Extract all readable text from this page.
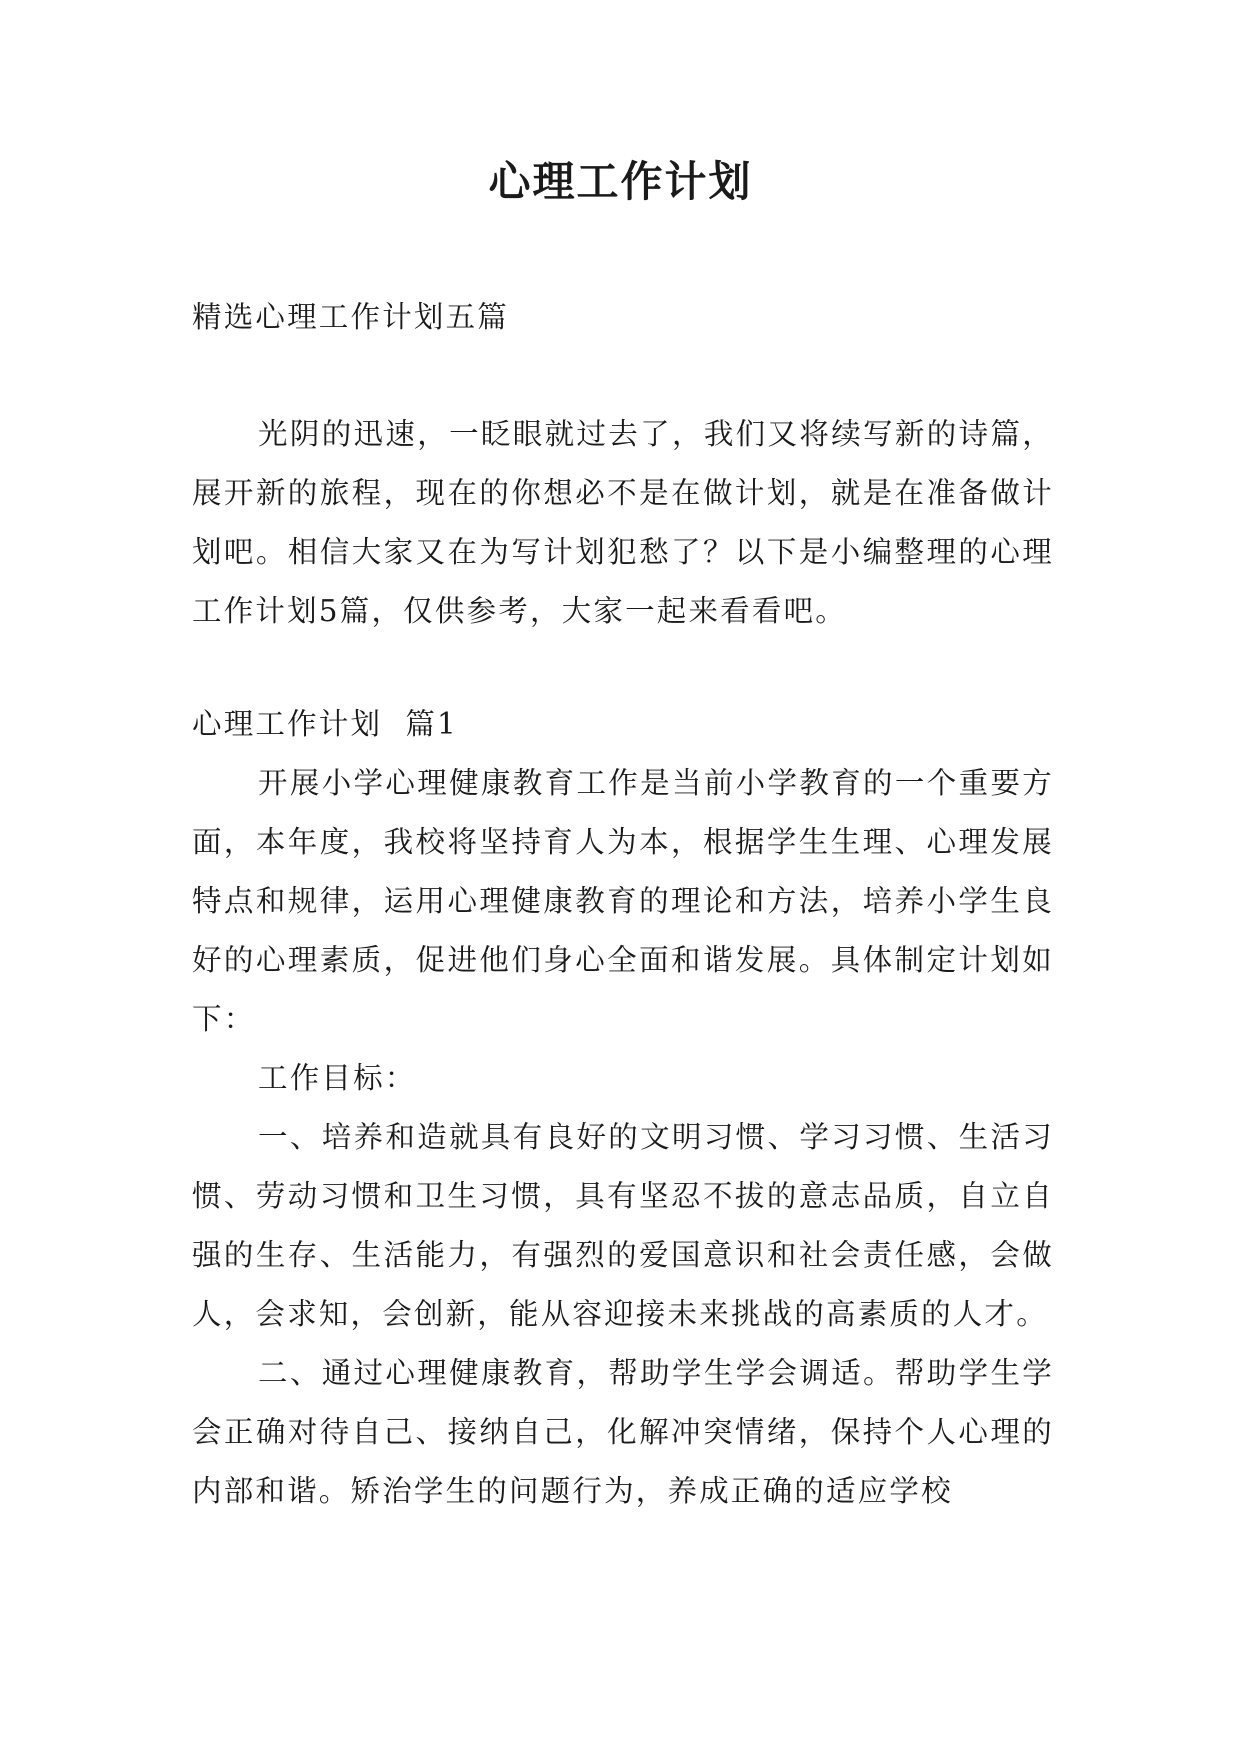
心理工作计划
精选心理工作计划五篇
光阴的迅速，一眨眼就过去了，我们又将续写新的诗篇，展开新的旅程，现在的你想必不是在做计划，就是在准备做计划吧。相信大家又在为写计划犯愁了？以下是小编整理的心理工作计划5篇，仅供参考，大家一起来看看吧。
心理工作计划  篇1

开展小学心理健康教育工作是当前小学教育的一个重要方面，本年度，我校将坚持育人为本，根据学生生理、心理发展特点和规律，运用心理健康教育的理论和方法，培养小学生良好的心理素质，促进他们身心全面和谐发展。具体制定计划如下：

工作目标：

一、培养和造就具有良好的文明习惯、学习习惯、生活习惯、劳动习惯和卫生习惯，具有坚忍不拔的意志品质，自立自强的生存、生活能力，有强烈的爱国意识和社会责任感，会做人，会求知，会创新，能从容迎接未来挑战的高素质的人才。

二、通过心理健康教育，帮助学生学会调适。帮助学生学会正确对待自己、接纳自己，化解冲突情绪，保持个人心理的内部和谐。矫治学生的问题行为，养成正确的适应学校
